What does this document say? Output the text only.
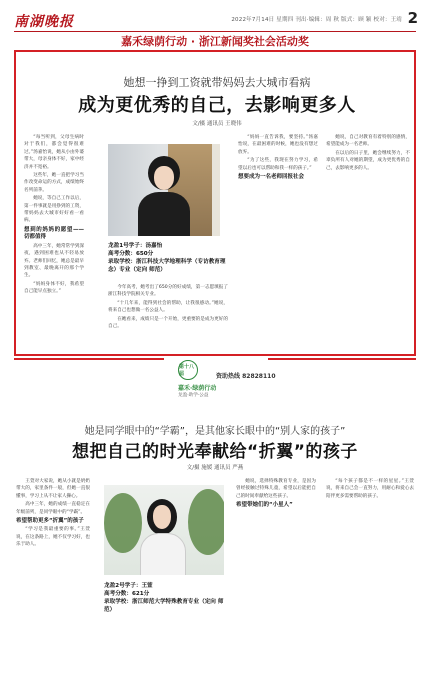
南湖晚报	2022年7月14日 星期四 刊出·编辑：周 秋 版式：顾 颖 校对：王靖 2
嘉禾绿荫行动 · 浙江新闻奖社会活动奖
她想一挣到工资就带妈妈去大城市看病
成为更优秀的自己，去影响更多人
文/摄 通讯员 王晓伟

“每当听到，父母生病时对于我们，都会觉得很难过。”汤嘉怡说，她从小由外婆带大，母亲身体不好，家中经济并不宽裕。

这些年，她一直把学习当作改变命运的方式，成绩始终名列前茅。

她说，等自己工作以后，第一件事就是用挣到的工资，带妈妈去大城市好好看一看病。

想到的妈妈的愿望——切都值得

高中三年，她常常学到深夜，遇到困难也从不轻易放弃。老师们回忆，她总是最早到教室、最晚离开的那个学生。

“妈妈身体不好，我希望自己能早点独立。”

龙盈1号学子：汤嘉怡
高考分数：650分
录取学校：浙江科技大学地理科学（专访教育理念）专业（定向 师范）

今年高考，她考出了650分的好成绩，第一志愿填报了浙江科技学院相关专业。

“十几年来，能得到社会的帮助，让我很感动。”她说，将来自己也想做一名公益人。

在她看来，成绩只是一个开始，更重要的是成为更好的自己。

“妈妈一直告诉我，要坚持。”汤嘉怡说，在最困难的时候，她也没有想过放弃。

“为了这些，我现在努力学习，希望以后也可以帮助和我一样的孩子。”

想要成为一名老师回报社会

她说，自己对教育有着特别的感情，希望能成为一名老师。

在以后的日子里，她会继续努力，不辜负所有人对她的期望，成为更优秀的自己，去影响更多的人。

第十八届
嘉禾·绿荫行动
龙盈·助学·公益
资助热线 82828110
她是同学眼中的“学霸”，是其他家长眼中的“别人家的孩子”
想把自己的时光奉献给“折翼”的孩子
文/摄 施媛 通讯员 严燕

王萱对大家说，她从小就是奶奶带大的，家里条件一般，但她一直很懂事，学习上从不让家人操心。

高中三年，她的成绩一直稳定在年级前列，是同学眼中的“学霸”。

希望帮助更多“折翼”的孩子

“学习是我最重要的事。”王萱说，在这条路上，她不仅学习好，也乐于助人。

龙盈2号学子：王萱
高考分数：621分
录取学校：浙江师范大学特殊教育专业（定向 师范）

她说，选择特殊教育专业，是因为曾经接触过特殊儿童，希望以后能把自己的时间奉献给这些孩子。

希望带她们的“小星人”

“每个孩子都是不一样的星星。”王萱说，将来自己会一直努力，用耐心和爱心去陪伴更多需要帮助的孩子。
